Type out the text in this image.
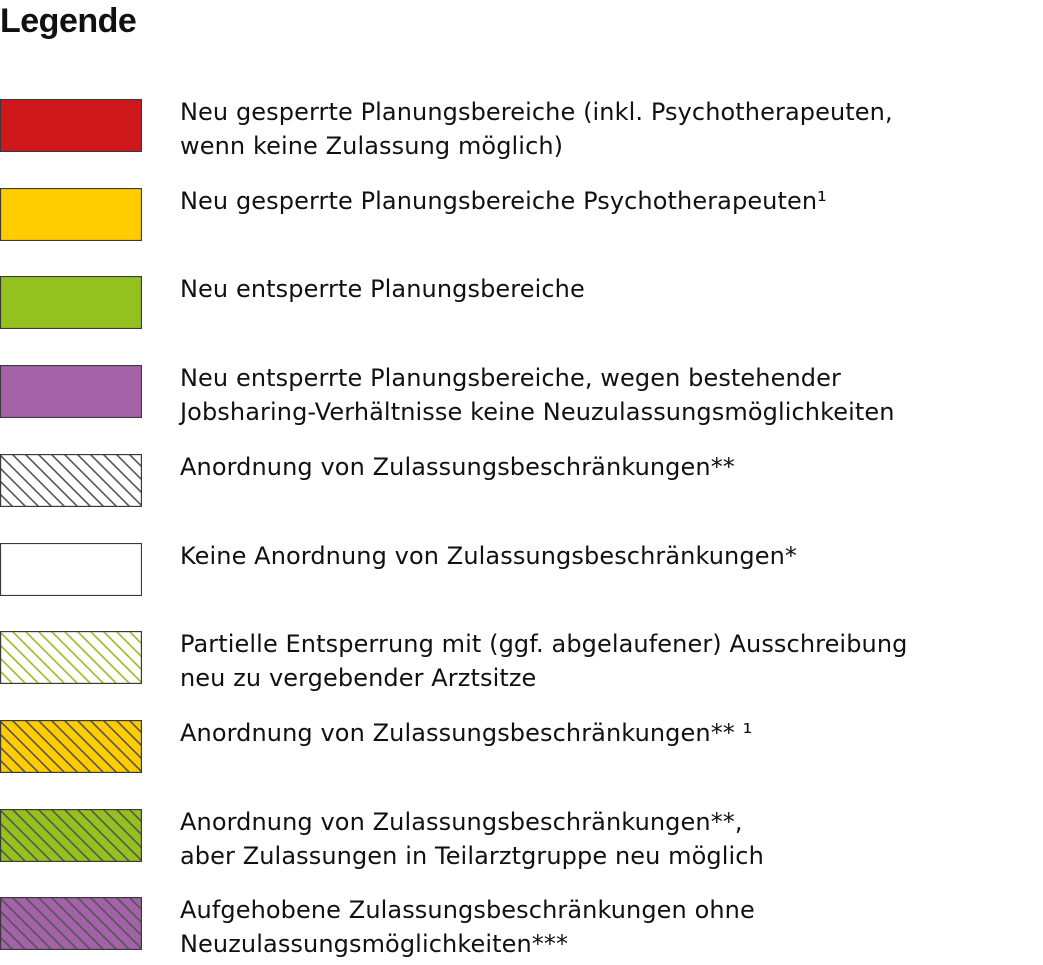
Legende
Neu gesperrte Planungsbereiche (inkl. Psychotherapeuten,
wenn keine Zulassung möglich)
Neu gesperrte Planungsbereiche Psychotherapeuten¹
Neu entsperrte Planungsbereiche
Neu entsperrte Planungsbereiche, wegen bestehender
Jobsharing-Verhältnisse keine Neuzulassungsmöglichkeiten
Anordnung von Zulassungsbeschränkungen**
Keine Anordnung von Zulassungsbeschränkungen*
Partielle Entsperrung mit (ggf. abgelaufener) Ausschreibung
neu zu vergebender Arztsitze
Anordnung von Zulassungsbeschränkungen** ¹
Anordnung von Zulassungsbeschränkungen**,
aber Zulassungen in Teilarztgruppe neu möglich
Aufgehobene Zulassungsbeschränkungen ohne
Neuzulassungsmöglichkeiten***
